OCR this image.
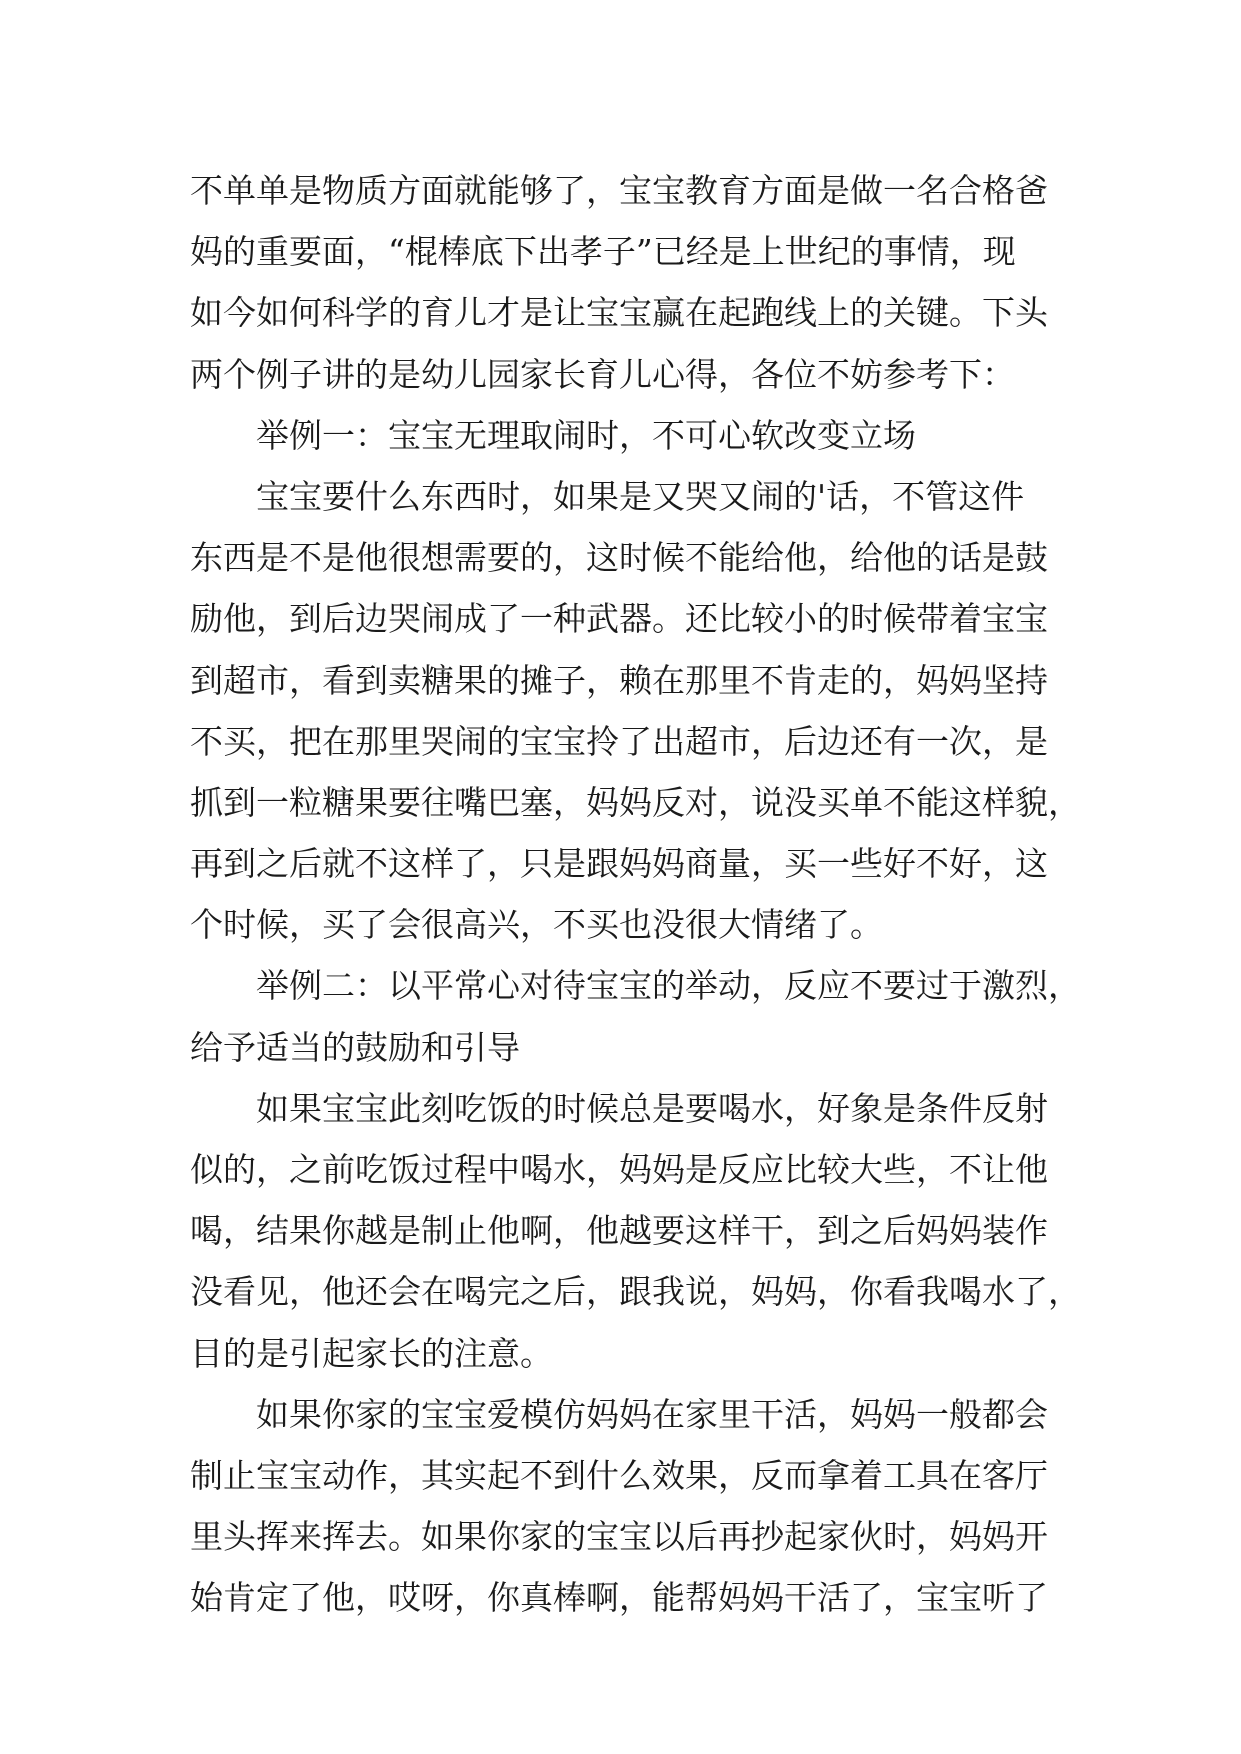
不单单是物质方面就能够了，宝宝教育方面是做一名合格爸
妈的重要面，“棍棒底下出孝子”已经是上世纪的事情，现
如今如何科学的育儿才是让宝宝赢在起跑线上的关键。下头
两个例子讲的是幼儿园家长育儿心得，各位不妨参考下：

举例一：宝宝无理取闹时，不可心软改变立场

宝宝要什么东西时，如果是又哭又闹的'话，不管这件
东西是不是他很想需要的，这时候不能给他，给他的话是鼓
励他，到后边哭闹成了一种武器。还比较小的时候带着宝宝
到超市，看到卖糖果的摊子，赖在那里不肯走的，妈妈坚持
不买，把在那里哭闹的宝宝拎了出超市，后边还有一次，是
抓到一粒糖果要往嘴巴塞，妈妈反对，说没买单不能这样貌，
再到之后就不这样了，只是跟妈妈商量，买一些好不好，这
个时候，买了会很高兴，不买也没很大情绪了。

举例二：以平常心对待宝宝的举动，反应不要过于激烈，
给予适当的鼓励和引导

如果宝宝此刻吃饭的时候总是要喝水，好象是条件反射
似的，之前吃饭过程中喝水，妈妈是反应比较大些，不让他
喝，结果你越是制止他啊，他越要这样干，到之后妈妈装作
没看见，他还会在喝完之后，跟我说，妈妈，你看我喝水了，
目的是引起家长的注意。

如果你家的宝宝爱模仿妈妈在家里干活，妈妈一般都会
制止宝宝动作，其实起不到什么效果，反而拿着工具在客厅
里头挥来挥去。如果你家的宝宝以后再抄起家伙时，妈妈开
始肯定了他，哎呀，你真棒啊，能帮妈妈干活了，宝宝听了
